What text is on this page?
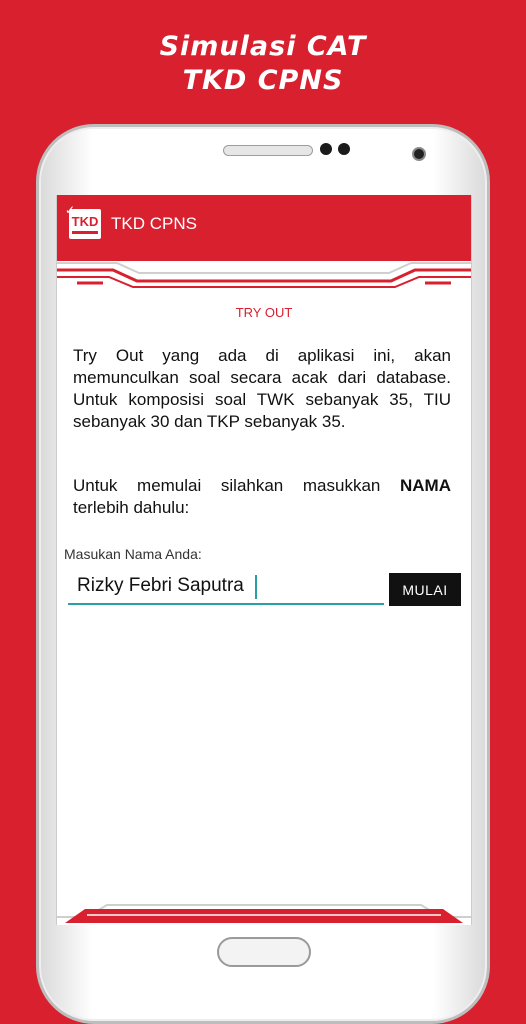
Simulasi CAT
TKD CPNS
✓
TKD TKD CPNS
TRY OUT
Try Out yang ada di aplikasi ini, akan memunculkan soal secara acak dari database. Untuk komposisi soal TWK sebanyak 35, TIU sebanyak 30 dan TKP sebanyak 35.
Untuk memulai silahkan masukkan NAMA terlebih dahulu:
Masukan Nama Anda:
Rizky Febri Saputra
MULAI
